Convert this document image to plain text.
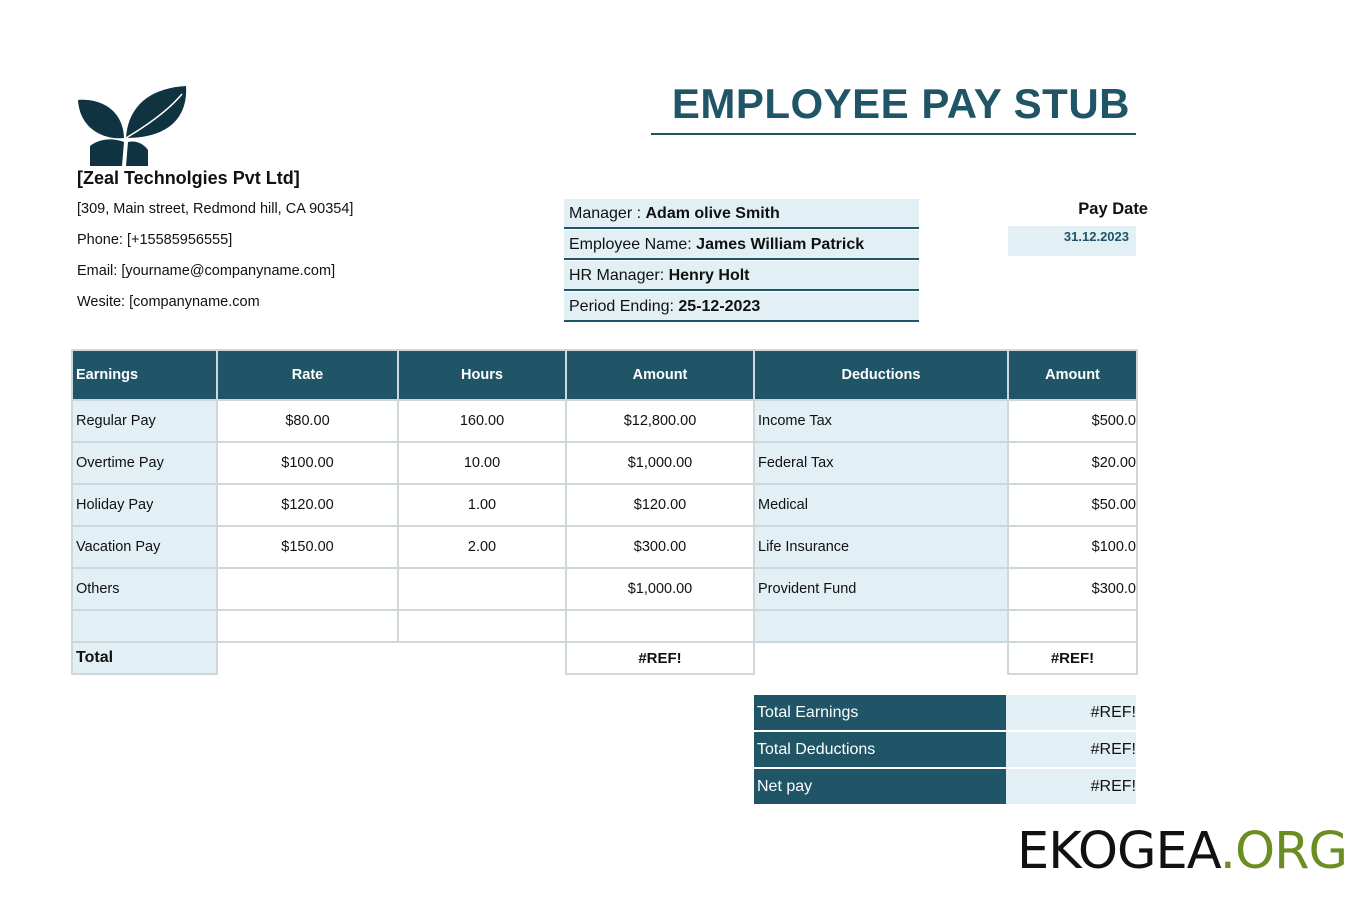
EMPLOYEE PAY STUB
[Zeal Technolgies Pvt Ltd]
[309, Main street, Redmond hill, CA 90354]
Phone: [+15585956555]
Email: [yourname@companyname.com]
Wesite: [companyname.com
Manager : Adam olive Smith
Employee Name: James William Patrick
HR Manager: Henry Holt
Period Ending: 25-12-2023
Pay Date
31.12.2023
Earnings	Rate	Hours	Amount	Deductions	Amount
Regular Pay	$80.00	160.00	$12,800.00	Income Tax	$500.0
Overtime Pay	$100.00	10.00	$1,000.00	Federal Tax	$20.00
Holiday Pay	$120.00	1.00	$120.00	Medical	$50.00
Vacation Pay	$150.00	2.00	$300.00	Life Insurance	$100.0
Others			$1,000.00	Provident Fund	$300.0

Total			#REF!		#REF!
Total Earnings	#REF!
Total Deductions	#REF!
Net pay	#REF!
EKOGEA.ORG
